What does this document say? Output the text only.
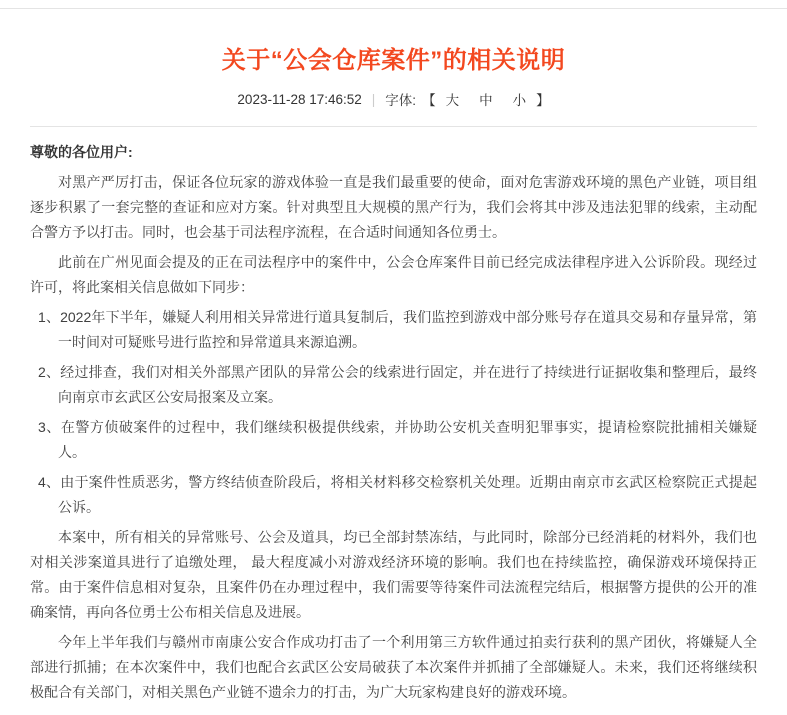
关于“公会仓库案件”的相关说明
2023-11-28 17:46:52 | 字体: 【 大 中 小 】

尊敬的各位用户:

对黑产严厉打击，保证各位玩家的游戏体验一直是我们最重要的使命，面对危害游戏环境的黑色产业链，项目组逐步积累了一套完整的查证和应对方案。针对典型且大规模的黑产行为，我们会将其中涉及违法犯罪的线索，主动配合警方予以打击。同时，也会基于司法程序流程，在合适时间通知各位勇士。

此前在广州见面会提及的正在司法程序中的案件中，公会仓库案件目前已经完成法律程序进入公诉阶段。现经过许可，将此案相关信息做如下同步：

1、2022年下半年，嫌疑人利用相关异常进行道具复制后，我们监控到游戏中部分账号存在道具交易和存量异常，第一时间对可疑账号进行监控和异常道具来源追溯。

2、经过排查，我们对相关外部黑产团队的异常公会的线索进行固定，并在进行了持续进行证据收集和整理后，最终向南京市玄武区公安局报案及立案。

3、在警方侦破案件的过程中，我们继续积极提供线索，并协助公安机关查明犯罪事实，提请检察院批捕相关嫌疑人。

4、由于案件性质恶劣，警方终结侦查阶段后，将相关材料移交检察机关处理。近期由南京市玄武区检察院正式提起公诉。

本案中，所有相关的异常账号、公会及道具，均已全部封禁冻结，与此同时，除部分已经消耗的材料外，我们也对相关涉案道具进行了追缴处理， 最大程度减小对游戏经济环境的影响。我们也在持续监控，确保游戏环境保持正常。由于案件信息相对复杂，且案件仍在办理过程中，我们需要等待案件司法流程完结后，根据警方提供的公开的准确案情，再向各位勇士公布相关信息及进展。

今年上半年我们与赣州市南康公安合作成功打击了一个利用第三方软件通过拍卖行获利的黑产团伙，将嫌疑人全部进行抓捕；在本次案件中，我们也配合玄武区公安局破获了本次案件并抓捕了全部嫌疑人。未来，我们还将继续积极配合有关部门，对相关黑色产业链不遗余力的打击，为广大玩家构建良好的游戏环境。
